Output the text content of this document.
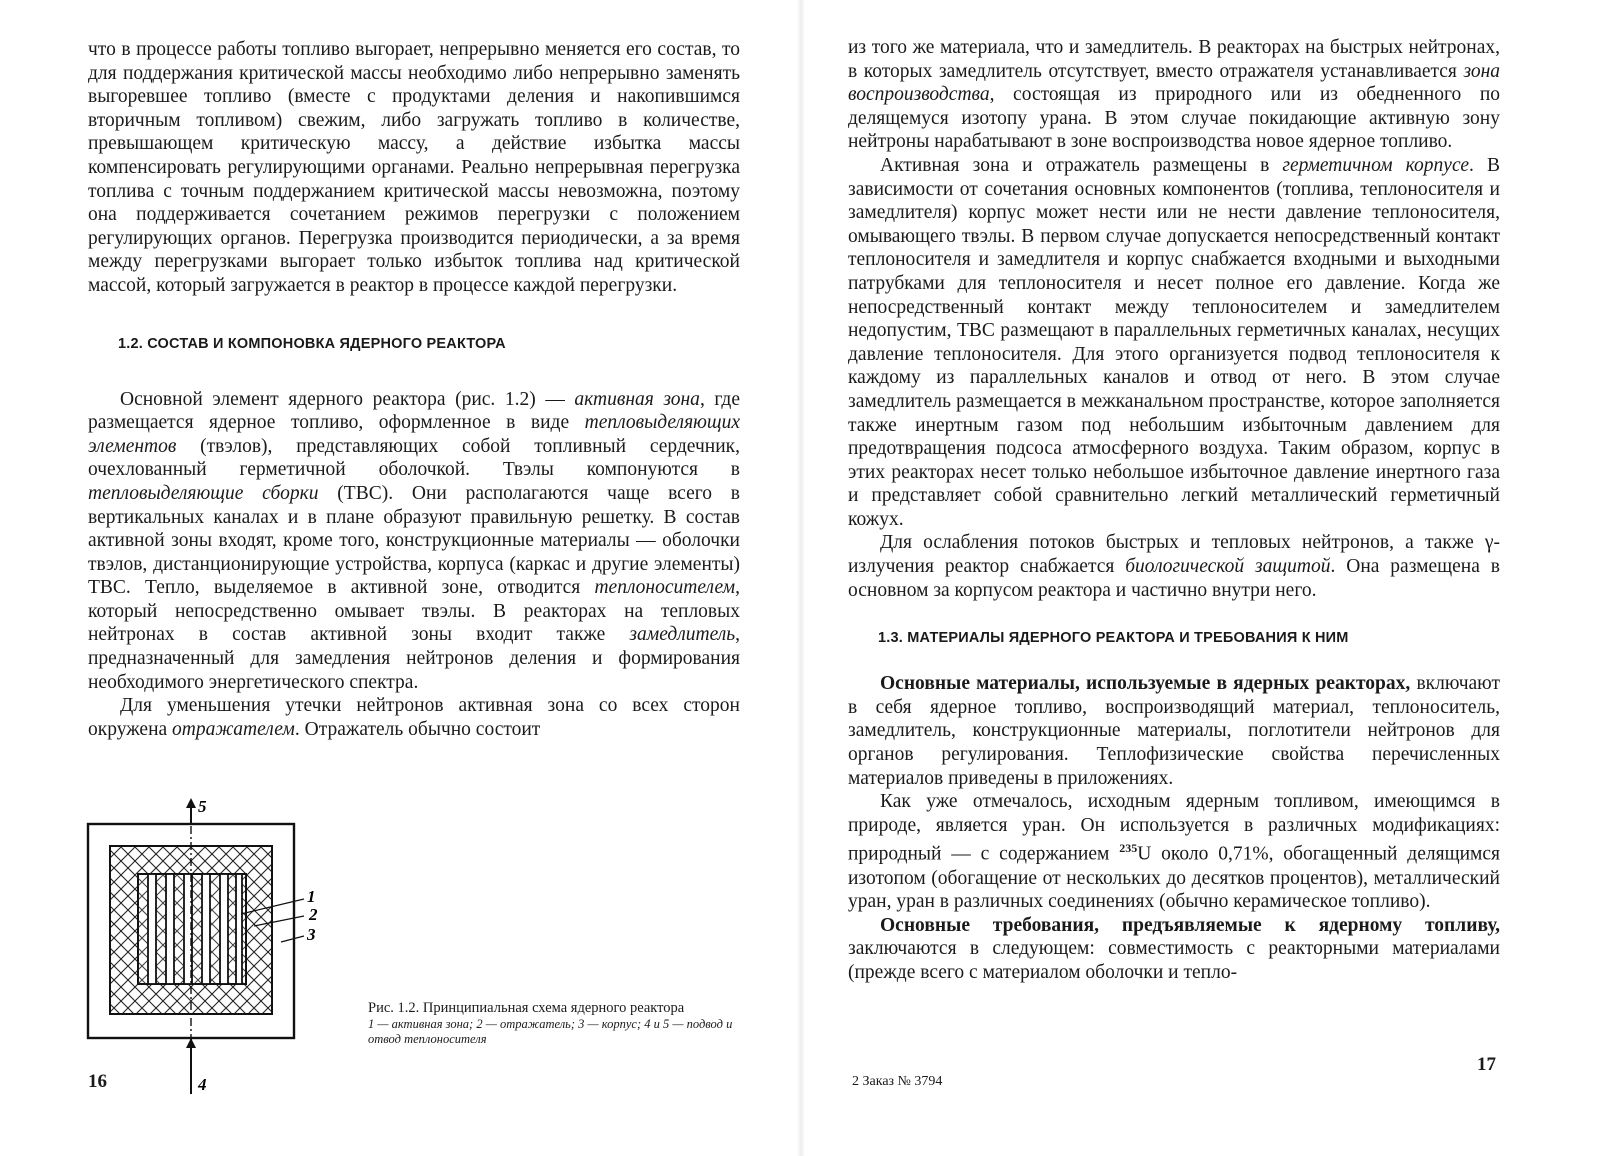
что в процессе работы топливо выгорает, непрерывно меняется его состав, то для поддержания критической массы необходимо либо непрерывно заменять выгоревшее топливо (вместе с продуктами деления и накопившимся вторичным топливом) свежим, либо загружать топливо в количестве, превышающем критическую массу, а действие избытка массы компенсировать регулирующими органами. Реально непрерывная перегрузка топлива с точным поддержанием критической массы невозможна, поэтому она поддерживается сочетанием режимов перегрузки с положением регулирующих органов. Перегрузка производится периодически, а за время между перегрузками выгорает только избыток топлива над критической массой, который загружается в реактор в процессе каждой перегрузки.

1.2. СОСТАВ И КОМПОНОВКА ЯДЕРНОГО РЕАКТОРА

Основной элемент ядерного реактора (рис. 1.2) — активная зона, где размещается ядерное топливо, оформленное в виде тепловыделяющих элементов (твэлов), представляющих собой топливный сердечник, очехлованный герметичной оболочкой. Твэлы компонуются в тепловыделяющие сборки (ТВС). Они располагаются чаще всего в вертикальных каналах и в плане образуют правильную решетку. В состав активной зоны входят, кроме того, конструкционные материалы — оболочки твэлов, дистанционирующие устройства, корпуса (каркас и другие элементы) ТВС. Тепло, выделяемое в активной зоне, отводится теплоносителем, который непосредственно омывает твэлы. В реакторах на тепловых нейтронах в состав активной зоны входит также замедлитель, предназначенный для замедления нейтронов деления и формирования необходимого энергетического спектра.

Для уменьшения утечки нейтронов активная зона со всех сторон окружена отражателем. Отражатель обычно состоит

5
4
1
2
3
Рис. 1.2. Принципиальная схема ядерного реактора
1 — активная зона; 2 — отражатель; 3 — корпус; 4 и 5 — подвод и отвод теплоносителя
16

из того же материала, что и замедлитель. В реакторах на быстрых нейтронах, в которых замедлитель отсутствует, вместо отражателя устанавливается зона воспроизводства, состоящая из природного или из обедненного по делящемуся изотопу урана. В этом случае покидающие активную зону нейтроны нарабатывают в зоне воспроизводства новое ядерное топливо.

Активная зона и отражатель размещены в герметичном корпусе. В зависимости от сочетания основных компонентов (топлива, теплоносителя и замедлителя) корпус может нести или не нести давление теплоносителя, омывающего твэлы. В первом случае допускается непосредственный контакт теплоносителя и замедлителя и корпус снабжается входными и выходными патрубками для теплоносителя и несет полное его давление. Когда же непосредственный контакт между теплоносителем и замедлителем недопустим, ТВС размещают в параллельных герметичных каналах, несущих давление теплоносителя. Для этого организуется подвод теплоносителя к каждому из параллельных каналов и отвод от него. В этом случае замедлитель размещается в межканальном пространстве, которое заполняется также инертным газом под небольшим избыточным давлением для предотвращения подсоса атмосферного воздуха. Таким образом, корпус в этих реакторах несет только небольшое избыточное давление инертного газа и представляет собой сравнительно легкий металлический герметичный кожух.

Для ослабления потоков быстрых и тепловых нейтронов, а также γ-излучения реактор снабжается биологической защитой. Она размещена в основном за корпусом реактора и частично внутри него.

1.3. МАТЕРИАЛЫ ЯДЕРНОГО РЕАКТОРА И ТРЕБОВАНИЯ К НИМ

Основные материалы, используемые в ядерных реакторах, включают в себя ядерное топливо, воспроизводящий материал, теплоноситель, замедлитель, конструкционные материалы, поглотители нейтронов для органов регулирования. Теплофизические свойства перечисленных материалов приведены в приложениях.

Как уже отмечалось, исходным ядерным топливом, имеющимся в природе, является уран. Он используется в различных модификациях: природный — с содержанием $^{235}$U около 0,71%, обогащенный делящимся изотопом (обогащение от нескольких до десятков процентов), металлический уран, уран в различных соединениях (обычно керамическое топливо).

Основные требования, предъявляемые к ядерному топливу, заключаются в следующем: совместимость с реакторными материалами (прежде всего с материалом оболочки и тепло-

2 Заказ № 3794
17
